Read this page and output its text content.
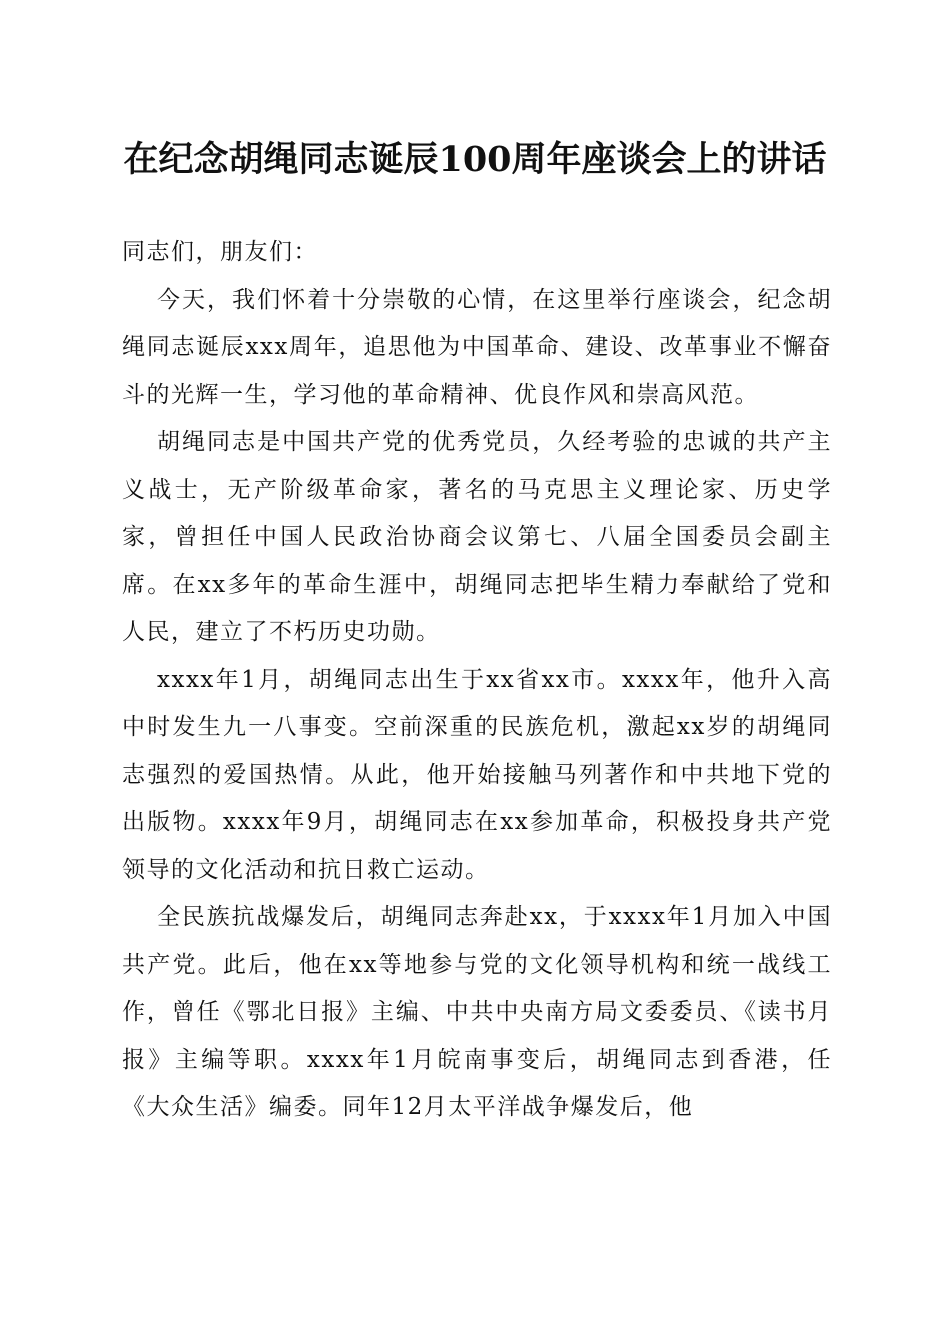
在纪念胡绳同志诞辰100周年座谈会上的讲话

同志们，朋友们：

今天，我们怀着十分崇敬的心情，在这里举行座谈会，纪念胡绳同志诞辰xxx周年，追思他为中国革命、建设、改革事业不懈奋斗的光辉一生，学习他的革命精神、优良作风和崇高风范。

胡绳同志是中国共产党的优秀党员，久经考验的忠诚的共产主义战士，无产阶级革命家，著名的马克思主义理论家、历史学家，曾担任中国人民政治协商会议第七、八届全国委员会副主席。在xx多年的革命生涯中，胡绳同志把毕生精力奉献给了党和人民，建立了不朽历史功勋。

xxxx年1月，胡绳同志出生于xx省xx市。xxxx年，他升入高中时发生九一八事变。空前深重的民族危机，激起xx岁的胡绳同志强烈的爱国热情。从此，他开始接触马列著作和中共地下党的出版物。xxxx年9月，胡绳同志在xx参加革命，积极投身共产党领导的文化活动和抗日救亡运动。

全民族抗战爆发后，胡绳同志奔赴xx，于xxxx年1月加入中国共产党。此后，他在xx等地参与党的文化领导机构和统一战线工作，曾任《鄂北日报》主编、中共中央南方局文委委员、《读书月报》主编等职。xxxx年1月皖南事变后，胡绳同志到香港，任《大众生活》编委。同年12月太平洋战争爆发后，他
